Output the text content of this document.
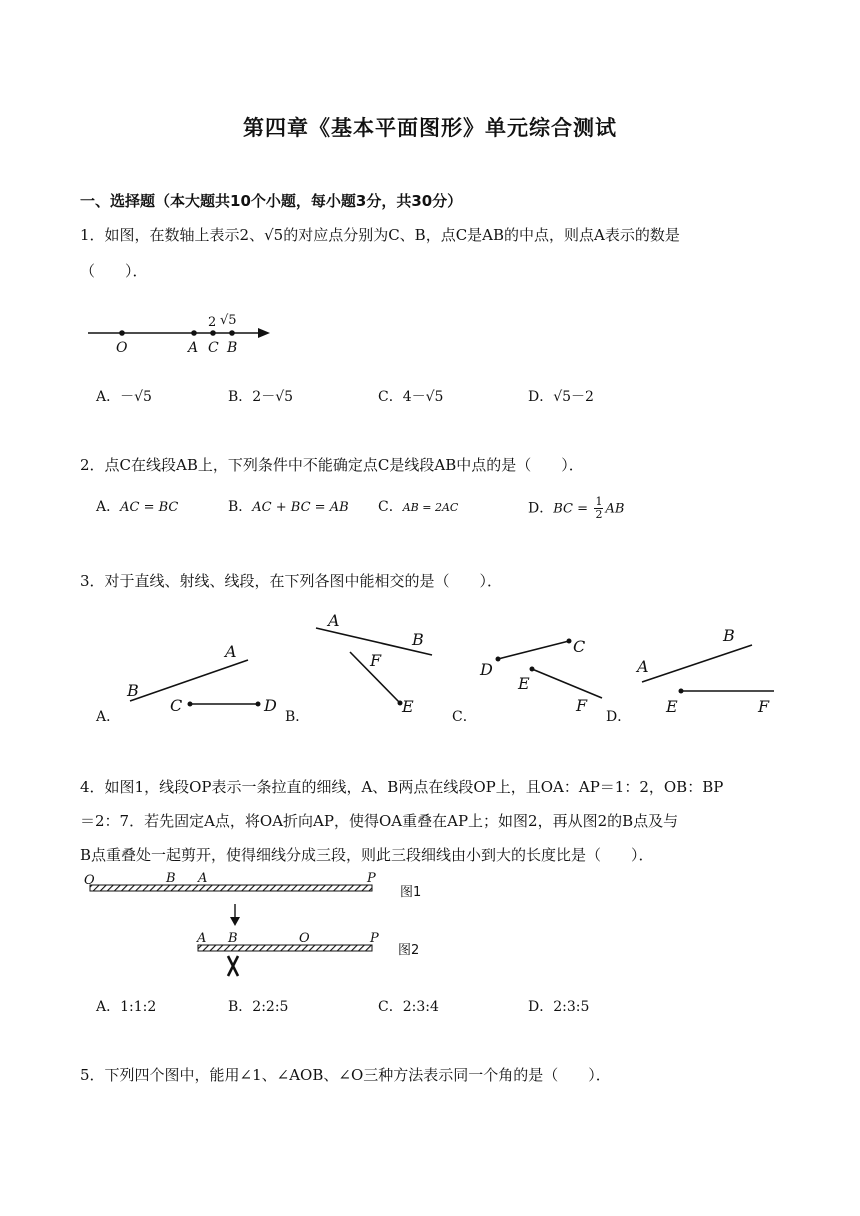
第四章《基本平面图形》单元综合测试
一、选择题（本大题共10个小题，每小题3分，共30分）
1．如图，在数轴上表示2、√5的对应点分别为C、B，点C是AB的中点，则点A表示的数是
（　　）．
O	A C B
2 √5
A．－√5	B．2－√5	C．4－√5	D．√5－2
2．点C在线段AB上，下列条件中不能确定点C是线段AB中点的是（　　）．
A．AC = BC	B．AC + BC = AB C．AB = 2AC	D．BC = $\frac{1}{2}$ AB
3．对于直线、射线、线段，在下列各图中能相交的是（　　）．
A
B
C	D
A
B
F
E
C
D
E
F
B
A
E	F
A．	B．	C．	D．
4．如图1，线段OP表示一条拉直的细线，A、B两点在线段OP上，且OA：AP＝1：2，OB：BP
＝2：7．若先固定A点，将OA折向AP，使得OA重叠在AP上；如图2，再从图2的B点及与
B点重叠处一起剪开，使得细线分成三段，则此三段细线由小到大的长度比是（　　）．
O	B A	P
图1
A B	O	P
图2
A．1:1:2	B．2:2:5	C．2:3:4	D．2:3:5
5．下列四个图中，能用∠1、∠AOB、∠O三种方法表示同一个角的是（　　）．
